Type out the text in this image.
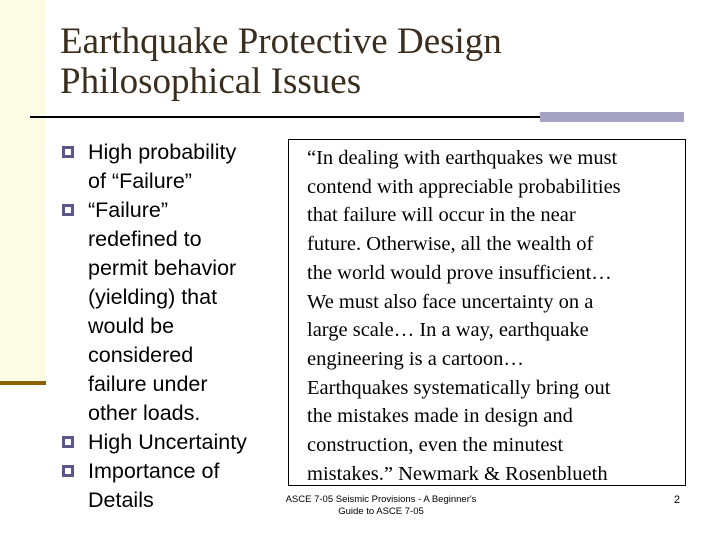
Earthquake Protective Design
Philosophical Issues
High probability
of “Failure”
“Failure”
redefined to
permit behavior
(yielding) that
would be
considered
failure under
other loads.
High Uncertainty
Importance of
Details
“In dealing with earthquakes we must
contend with appreciable probabilities
that failure will occur in the near
future. Otherwise, all the wealth of
the world would prove insufficient…
We must also face uncertainty on a
large scale… In a way, earthquake
engineering is a cartoon…
Earthquakes systematically bring out
the mistakes made in design and
construction, even the minutest
mistakes.” Newmark & Rosenblueth
ASCE 7-05 Seismic Provisions - A Beginner's
Guide to ASCE 7-05
2
